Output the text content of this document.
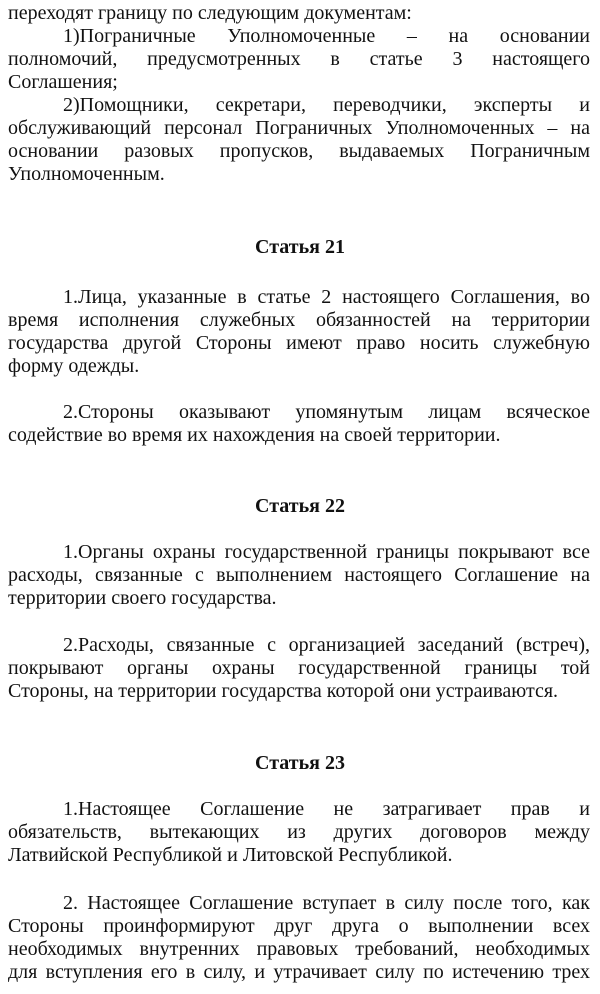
переходят границу по следующим документам:
1)Пограничные Уполномоченные – на основании
полномочий, предусмотренных в статье 3 настоящего
Соглашения;
2)Помощники, секретари, переводчики, эксперты и
обслуживающий персонал Пограничных Уполномоченных – на
основании разовых пропусков, выдаваемых Пограничным
Уполномоченным.
Статья 21
1.Лица, указанные в статье 2 настоящего Соглашения, во
время исполнения служебных обязанностей на территории
государства другой Стороны имеют право носить служебную
форму одежды.
2.Стороны оказывают упомянутым лицам всяческое
содействие во время их нахождения на своей территории.
Статья 22
1.Органы охраны государственной границы покрывают все
расходы, связанные с выполнением настоящего Соглашение на
территории своего государства.
2.Расходы, связанные с организацией заседаний (встреч),
покрывают органы охраны государственной границы той
Стороны, на территории государства которой они устраиваются.
Статья 23
1.Настоящее Соглашение не затрагивает прав и
обязательств, вытекающих из других договоров между
Латвийской Республикой и Литовской Республикой.
2. Настоящее Соглашение вступает в силу после того, как
Стороны проинформируют друг друга о выполнении всех
необходимых внутренних правовых требований, необходимых
для вступления его в силу, и утрачивает силу по истечению трех
